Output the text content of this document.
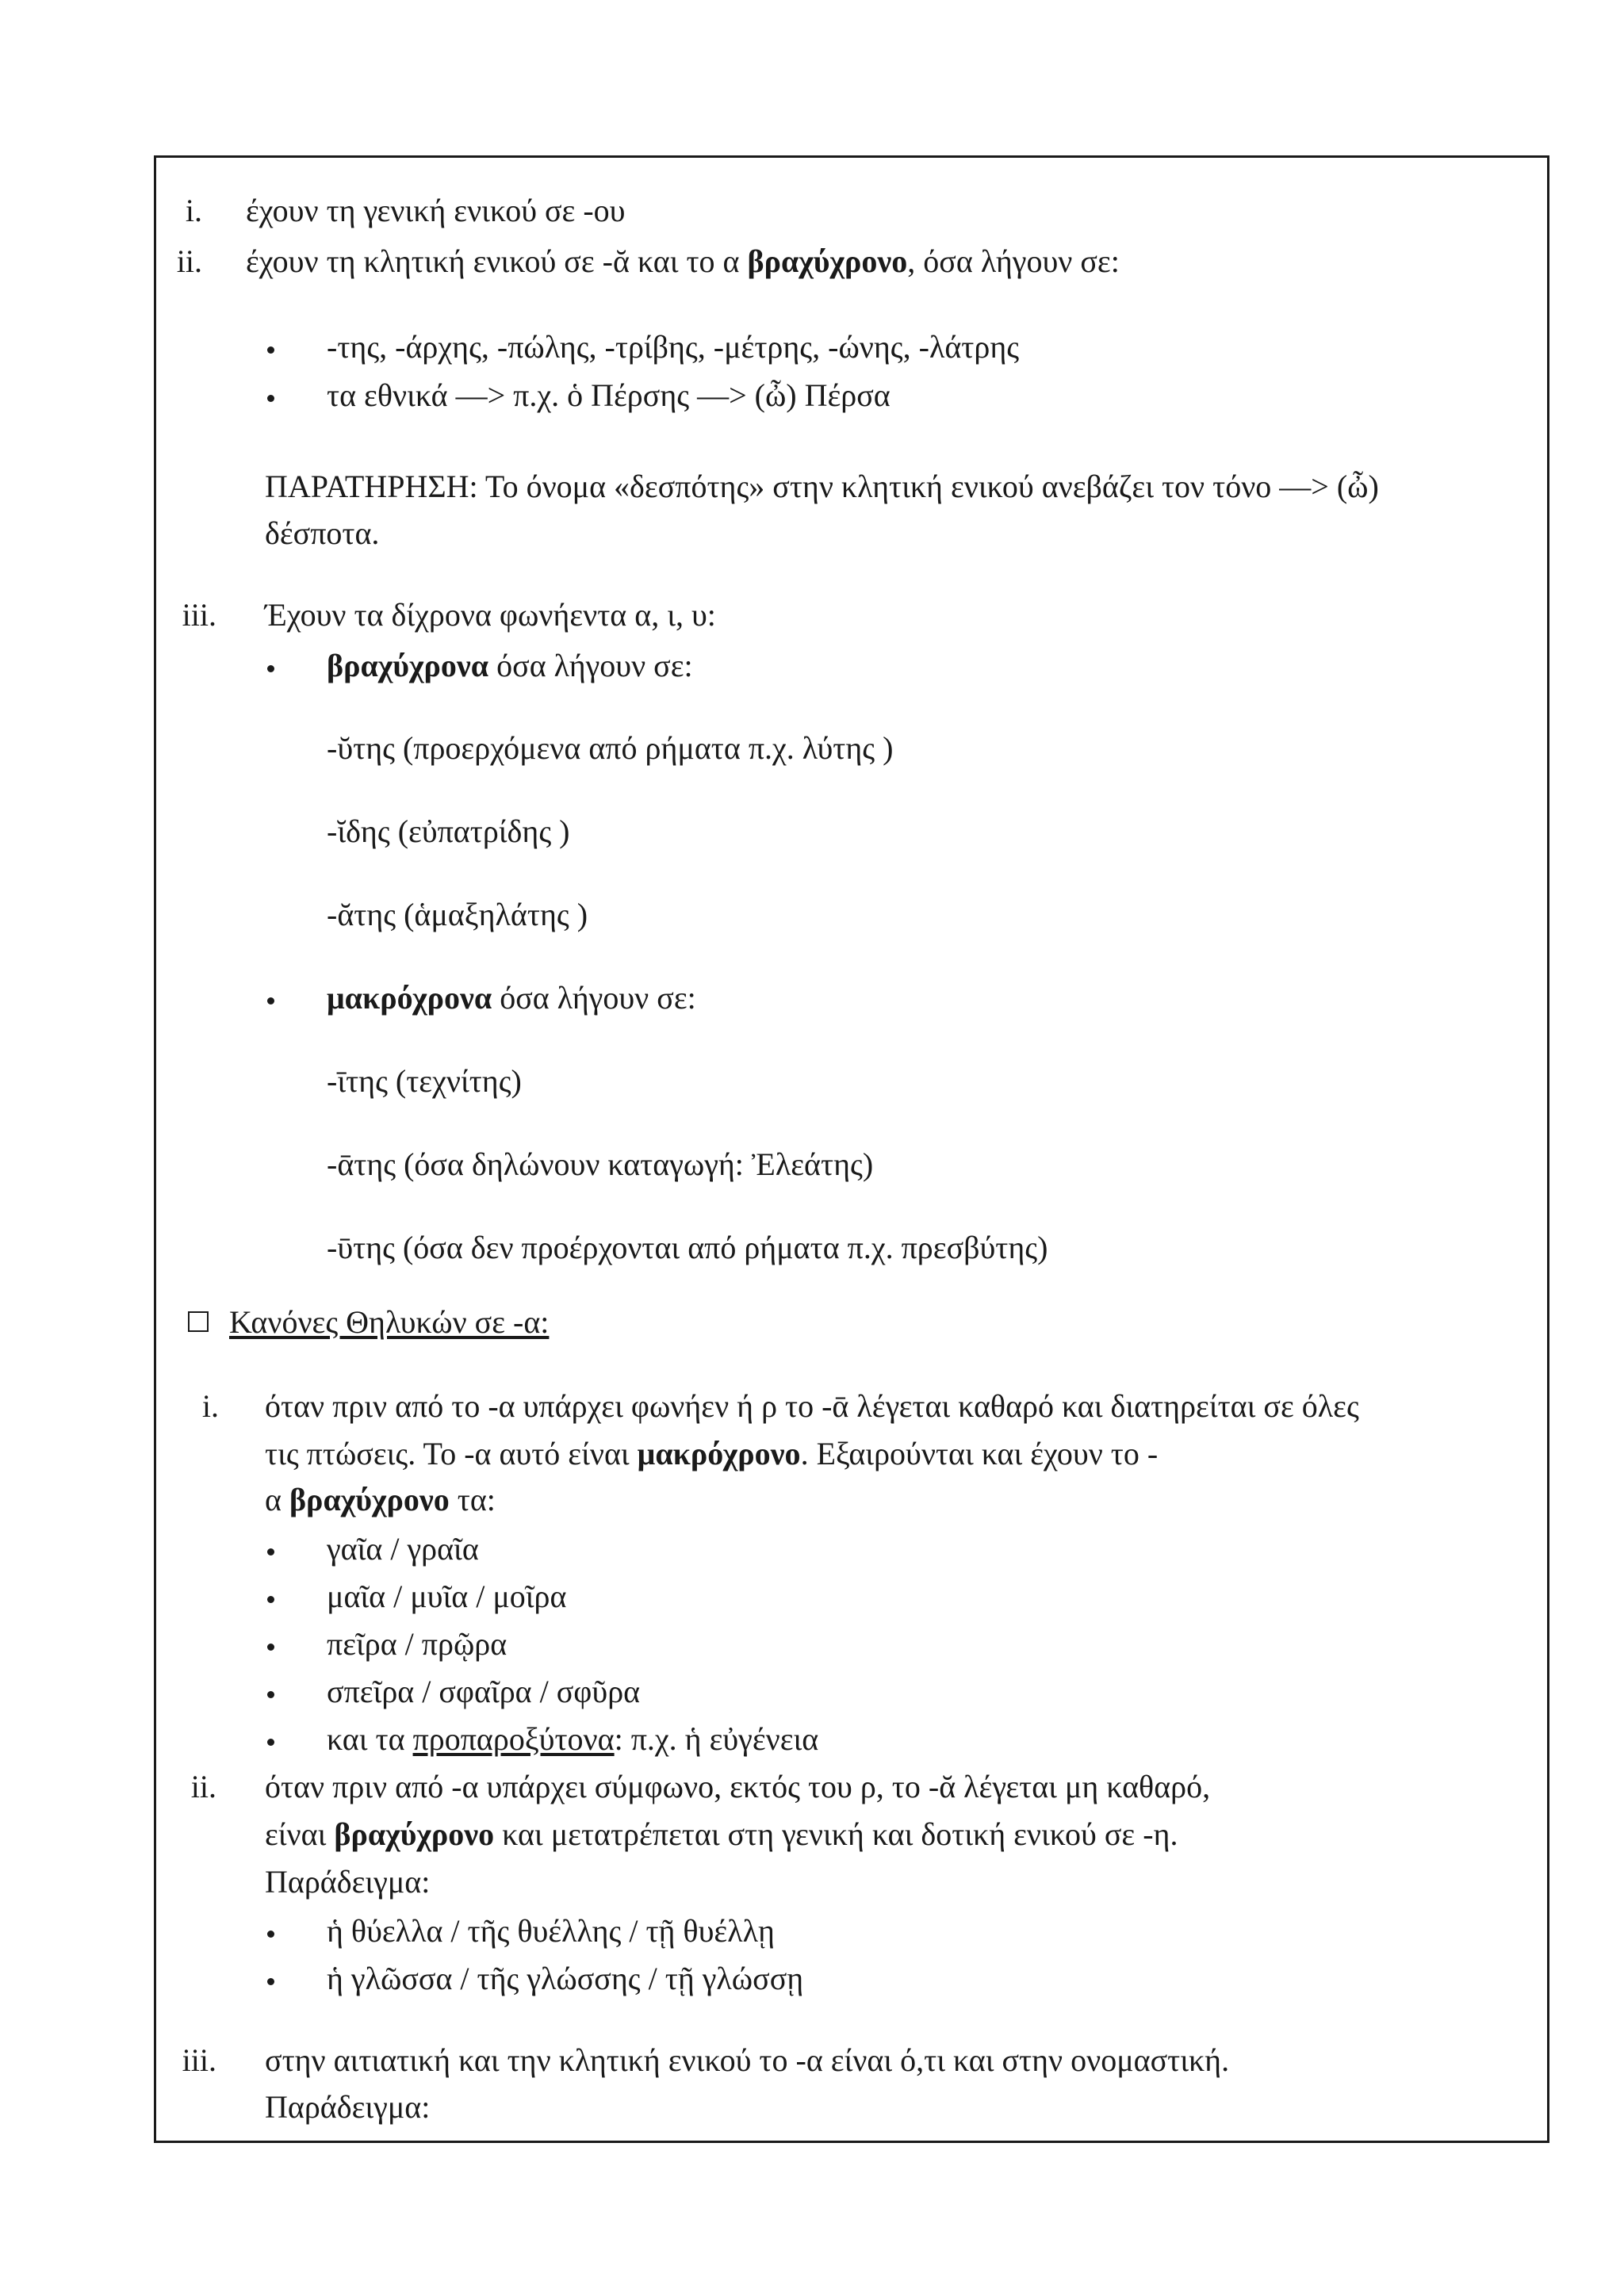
i. έχουν τη γενική ενικού σε -ου
ii. έχουν τη κλητική ενικού σε -ᾰ και το α βραχύχρονο, όσα λήγουν σε:
-της, -άρχης, -πώλης, -τρίβης, -μέτρης, -ώνης, -λάτρης
τα εθνικά —> π.χ. ὁ Πέρσης —> (ὦ) Πέρσα
ΠΑΡΑΤΗΡΗΣΗ: Το όνομα «δεσπότης» στην κλητική ενικού ανεβάζει τον τόνο —> (ὦ)
δέσποτα.
iii. Έχουν τα δίχρονα φωνήεντα α, ι, υ:
βραχύχρονα όσα λήγουν σε:
-ῠτης (προερχόμενα από ρήματα π.χ. λύτης )
-ῐδης (εὐπατρίδης )
-ᾰτης (ἁμαξηλάτης )
μακρόχρονα όσα λήγουν σε:
-ῑτης (τεχνίτης)
-ᾱτης (όσα δηλώνουν καταγωγή: Ἐλεάτης)
-ῡτης (όσα δεν προέρχονται από ρήματα π.χ. πρεσβύτης)
Κανόνες Θηλυκών σε -α:
i. όταν πριν από το -α υπάρχει φωνήεν ή ρ το -ᾱ λέγεται καθαρό και διατηρείται σε όλες
τις πτώσεις. Το -α αυτό είναι μακρόχρονο. Εξαιρούνται και έχουν το -
α βραχύχρονο τα:
γαῖα / γραῖα
μαῖα / μυῖα / μοῖρα
πεῖρα / πρῷρα
σπεῖρα / σφαῖρα / σφῦρα
και τα προπαροξύτονα: π.χ. ἡ εὐγένεια
ii. όταν πριν από -α υπάρχει σύμφωνο, εκτός του ρ, το -ᾰ λέγεται μη καθαρό,
είναι βραχύχρονο και μετατρέπεται στη γενική και δοτική ενικού σε -η.
Παράδειγμα:
ἡ θύελλα / τῆς θυέλλης / τῇ θυέλλῃ
ἡ γλῶσσα / τῆς γλώσσης / τῇ γλώσσῃ
iii. στην αιτιατική και την κλητική ενικού το -α είναι ό,τι και στην ονομαστική.
Παράδειγμα:
